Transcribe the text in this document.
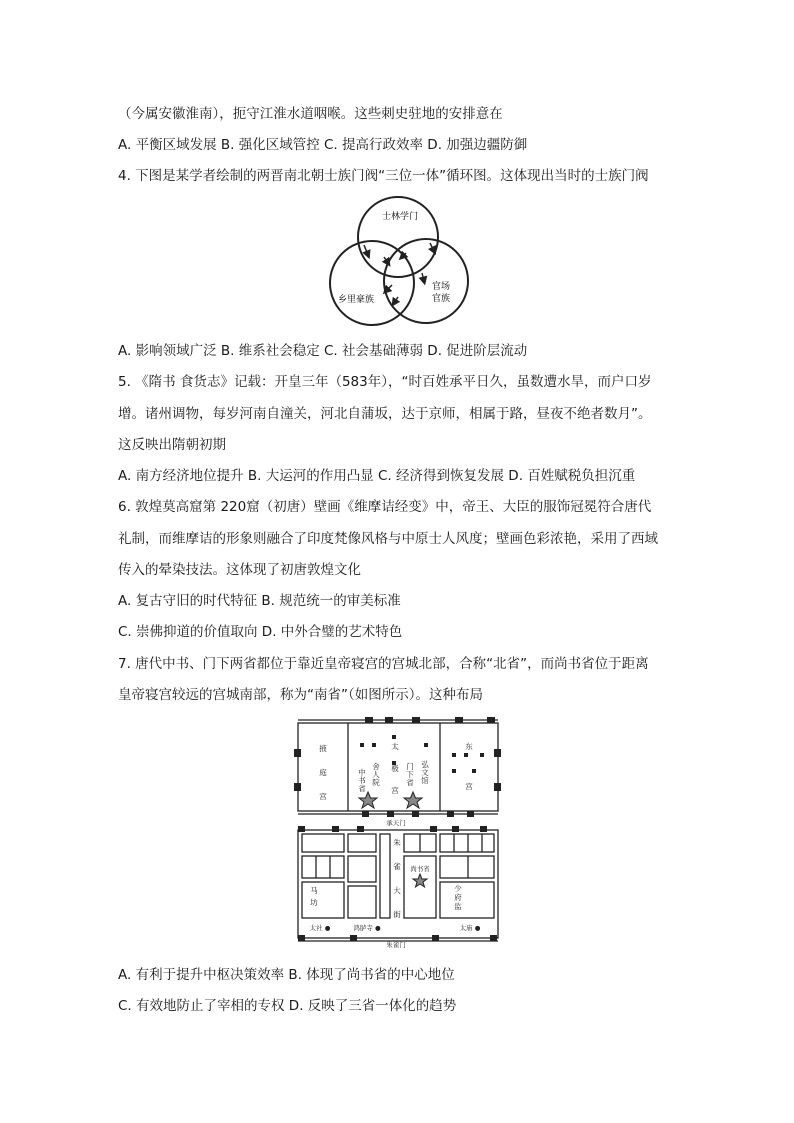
（今属安徽淮南），扼守江淮水道咽喉。这些刺史驻地的安排意在
A. 平衡区域发展 B. 强化区域管控 C. 提高行政效率 D. 加强边疆防御
4. 下图是某学者绘制的两晋南北朝士族门阀“三位一体”循环图。这体现出当时的士族门阀
士林学门
乡里豪族
官场
官族
A. 影响领域广泛 B. 维系社会稳定 C. 社会基础薄弱 D. 促进阶层流动
5. 《隋书 食货志》记载：开皇三年（583年），“时百姓承平日久，虽数遭水旱，而户口岁
增。诸州调物，每岁河南自潼关，河北自蒲坂，达于京师，相属于路，昼夜不绝者数月”。
这反映出隋朝初期
A. 南方经济地位提升 B. 大运河的作用凸显 C. 经济得到恢复发展 D. 百姓赋税负担沉重
6. 敦煌莫高窟第 220窟（初唐）壁画《维摩诘经变》中，帝王、大臣的服饰冠冕符合唐代
礼制，而维摩诘的形象则融合了印度梵像风格与中原士人风度；壁画色彩浓艳，采用了西域
传入的晕染技法。这体现了初唐敦煌文化
A. 复古守旧的时代特征 B. 规范统一的审美标准
C. 崇佛抑道的价值取向 D. 中外合璧的艺术特色
7. 唐代中书、门下两省都位于靠近皇帝寝宫的宫城北部，合称“北省”，而尚书省位于距离
皇帝寝宫较远的宫城南部，称为“南省”（如图所示）。这种布局
掖
庭
宫
太
极
宫
东
宫
中
书
省
舍
人
院
门
下
省
弘
文
馆
承天门
朱
雀
大
街
尚书省
马
坊
少
府
监
太社 ●	鸿胪寺 ●	太庙 ●
朱雀门
A. 有利于提升中枢决策效率 B. 体现了尚书省的中心地位
C. 有效地防止了宰相的专权 D. 反映了三省一体化的趋势
